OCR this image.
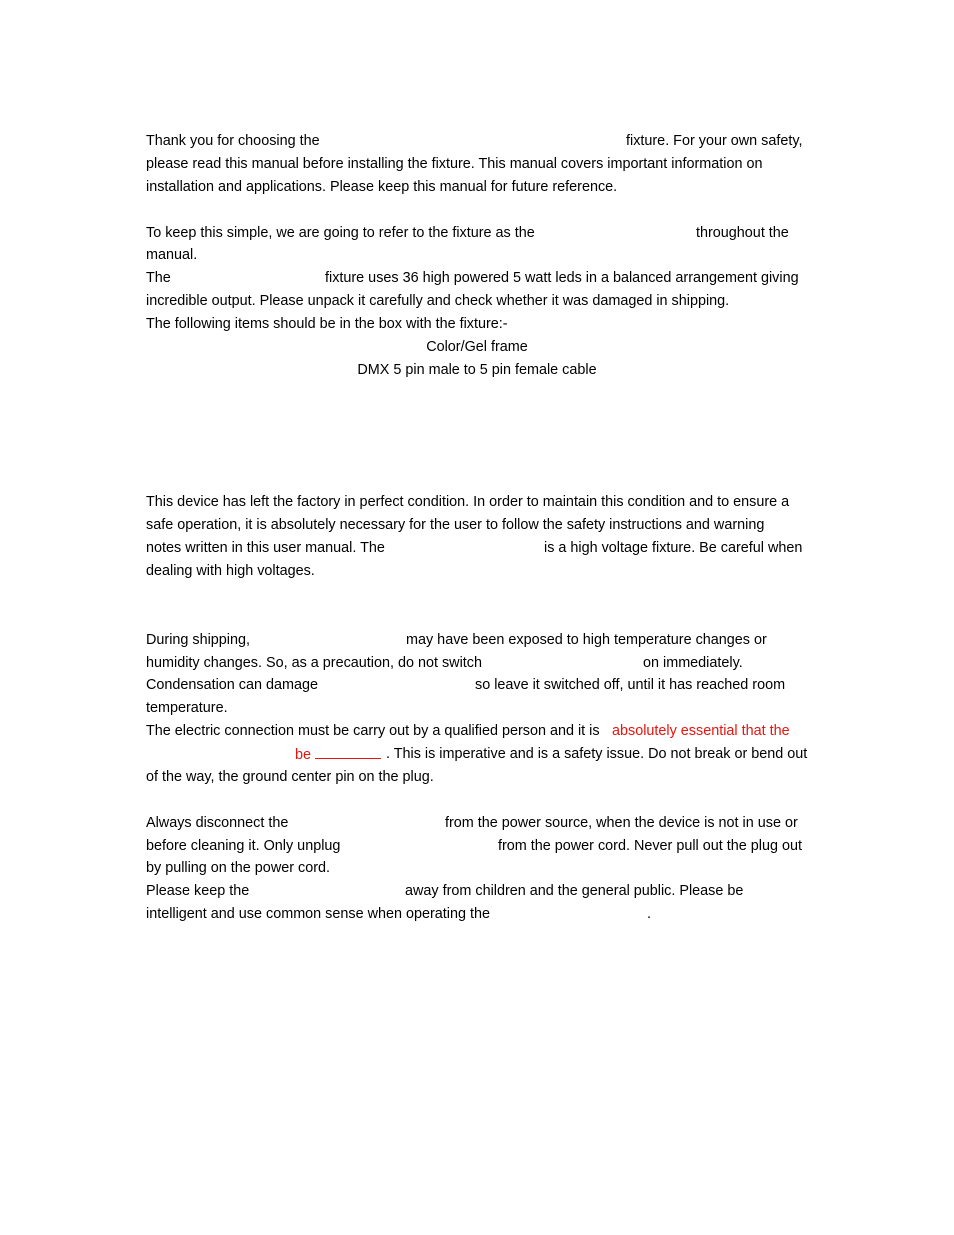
Thank you for choosing the	fixture. For your own safety,
please read this manual before installing the fixture. This manual covers important information on
installation and applications. Please keep this manual for future reference.
To keep this simple, we are going to refer to the fixture as the	throughout the
manual.
The	fixture uses 36 high powered 5 watt leds in a balanced arrangement giving
incredible output. Please unpack it carefully and check whether it was damaged in shipping.
The following items should be in the box with the fixture:-
Color/Gel frame
DMX 5 pin male to 5 pin female cable
This device has left the factory in perfect condition. In order to maintain this condition and to ensure a
safe operation, it is absolutely necessary for the user to follow the safety instructions and warning
notes written in this user manual. The	is a high voltage fixture. Be careful when
dealing with high voltages.
During shipping,	may have been exposed to high temperature changes or
humidity changes. So, as a precaution, do not switch	on immediately.
Condensation can damage	so leave it switched off, until it has reached room
temperature.
The electric connection must be carry out by a qualified person and it is absolutely essential that the
be	. This is imperative and is a safety issue. Do not break or bend out
of the way, the ground center pin on the plug.
Always disconnect the	from the power source, when the device is not in use or
before cleaning it. Only unplug	from the power cord. Never pull out the plug out
by pulling on the power cord.
Please keep the	away from children and the general public. Please be
intelligent and use common sense when operating the	.
